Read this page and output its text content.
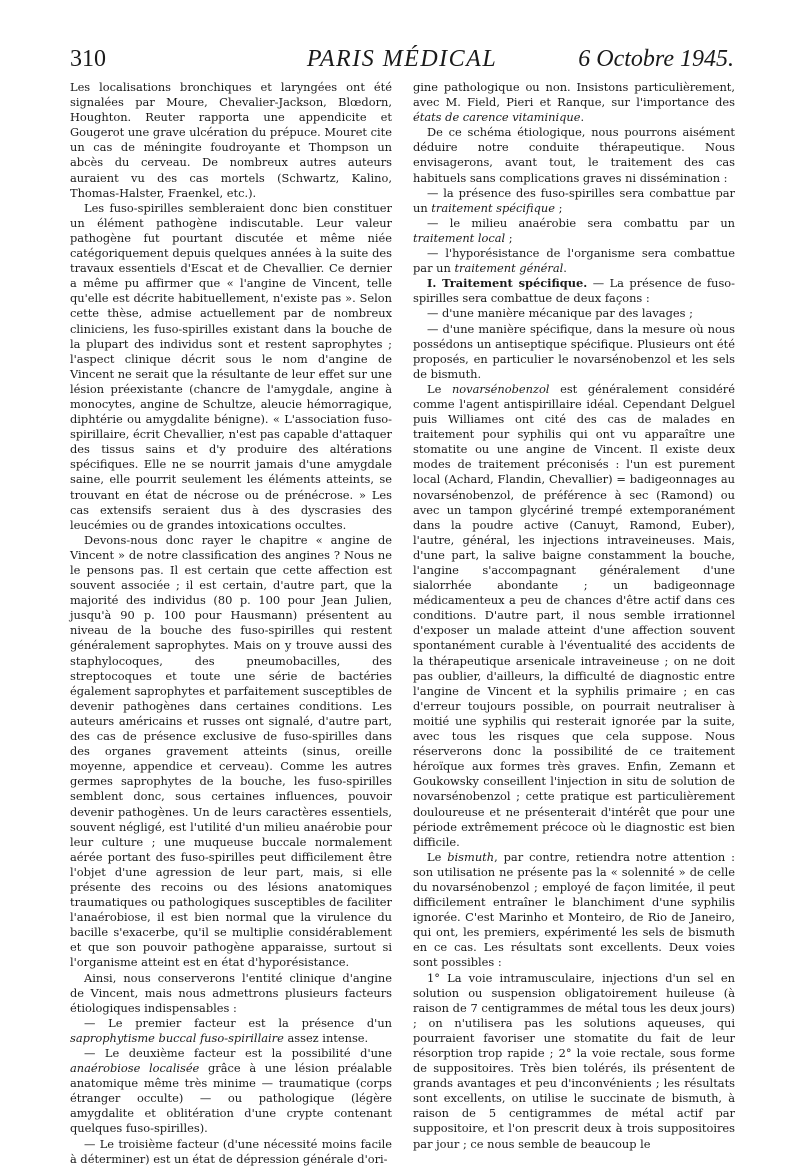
310	PARIS MÉDICAL	6 Octobre 1945.

Les localisations bronchiques et laryngées ont été signalées par Moure, Chevalier-Jackson, Blœdorn, Houghton. Reuter rapporta une appendicite et Gougerot une grave ulcération du prépuce. Mouret cite un cas de méningite foudroyante et Thompson un abcès du cerveau. De nombreux autres auteurs auraient vu des cas mortels (Schwartz, Kalino, Thomas-Halster, Fraenkel, etc.).

Les fuso-spirilles sembleraient donc bien constituer un élément pathogène indiscutable. Leur valeur pathogène fut pourtant discutée et même niée catégoriquement depuis quelques années à la suite des travaux essentiels d'Escat et de Chevallier. Ce dernier a même pu affirmer que « l'angine de Vincent, telle qu'elle est décrite habituellement, n'existe pas ». Selon cette thèse, admise actuellement par de nombreux cliniciens, les fuso-spirilles existant dans la bouche de la plupart des individus sont et restent saprophytes ; l'aspect clinique décrit sous le nom d'angine de Vincent ne serait que la résultante de leur effet sur une lésion préexistante (chancre de l'amygdale, angine à monocytes, angine de Schultze, aleucie hémorragique, diphtérie ou amygdalite bénigne). « L'association fuso-spirillaire, écrit Chevallier, n'est pas capable d'attaquer des tissus sains et d'y produire des altérations spécifiques. Elle ne se nourrit jamais d'une amygdale saine, elle pourrit seulement les éléments atteints, se trouvant en état de nécrose ou de prénécrose. » Les cas extensifs seraient dus à des dyscrasies des leucémies ou de grandes intoxications occultes.

Devons-nous donc rayer le chapitre « angine de Vincent » de notre classification des angines ? Nous ne le pensons pas. Il est certain que cette affection est souvent associée ; il est certain, d'autre part, que la majorité des individus (80 p. 100 pour Jean Julien, jusqu'à 90 p. 100 pour Hausmann) présentent au niveau de la bouche des fuso-spirilles qui restent généralement saprophytes. Mais on y trouve aussi des staphylocoques, des pneumobacilles, des streptocoques et toute une série de bactéries également saprophytes et parfaitement susceptibles de devenir pathogènes dans certaines conditions. Les auteurs américains et russes ont signalé, d'autre part, des cas de présence exclusive de fuso-spirilles dans des organes gravement atteints (sinus, oreille moyenne, appendice et cerveau). Comme les autres germes saprophytes de la bouche, les fuso-spirilles semblent donc, sous certaines influences, pouvoir devenir pathogènes. Un de leurs caractères essentiels, souvent négligé, est l'utilité d'un milieu anaérobie pour leur culture ; une muqueuse buccale normalement aérée portant des fuso-spirilles peut difficilement être l'objet d'une agression de leur part, mais, si elle présente des recoins ou des lésions anatomiques traumatiques ou pathologiques susceptibles de faciliter l'anaérobiose, il est bien normal que la virulence du bacille s'exacerbe, qu'il se multiplie considérablement et que son pouvoir pathogène apparaisse, surtout si l'organisme atteint est en état d'hyporésistance.

Ainsi, nous conserverons l'entité clinique d'angine de Vincent, mais nous admettrons plusieurs facteurs étiologiques indispensables :

— Le premier facteur est la présence d'un saprophytisme buccal fuso-spirillaire assez intense.

— Le deuxième facteur est la possibilité d'une anaérobiose localisée grâce à une lésion préalable anatomique même très minime — traumatique (corps étranger occulte) — ou pathologique (légère amygdalite et oblitération d'une crypte contenant quelques fuso-spirilles).

— Le troisième facteur (d'une nécessité moins facile à déterminer) est un état de dépression générale d'ori-

gine pathologique ou non. Insistons particulièrement, avec M. Field, Pieri et Ranque, sur l'importance des états de carence vitaminique.

De ce schéma étiologique, nous pourrons aisément déduire notre conduite thérapeutique. Nous envisagerons, avant tout, le traitement des cas habituels sans complications graves ni dissémination :

— la présence des fuso-spirilles sera combattue par un traitement spécifique ;

— le milieu anaérobie sera combattu par un traitement local ;

— l'hyporésistance de l'organisme sera combattue par un traitement général.

I. Traitement spécifique. — La présence de fuso-spirilles sera combattue de deux façons :

— d'une manière mécanique par des lavages ;

— d'une manière spécifique, dans la mesure où nous possédons un antiseptique spécifique. Plusieurs ont été proposés, en particulier le novarsénobenzol et les sels de bismuth.

Le novarsénobenzol est généralement considéré comme l'agent antispirillaire idéal. Cependant Delguel puis Williames ont cité des cas de malades en traitement pour syphilis qui ont vu apparaître une stomatite ou une angine de Vincent. Il existe deux modes de traitement préconisés : l'un est purement local (Achard, Flandin, Chevallier) = badigeonnages au novarsénobenzol, de préférence à sec (Ramond) ou avec un tampon glycériné trempé extemporanément dans la poudre active (Canuyt, Ramond, Euber), l'autre, général, les injections intraveineuses. Mais, d'une part, la salive baigne constamment la bouche, l'angine s'accompagnant généralement d'une sialorrhée abondante ; un badigeonnage médicamenteux a peu de chances d'être actif dans ces conditions. D'autre part, il nous semble irrationnel d'exposer un malade atteint d'une affection souvent spontanément curable à l'éventualité des accidents de la thérapeutique arsenicale intraveineuse ; on ne doit pas oublier, d'ailleurs, la difficulté de diagnostic entre l'angine de Vincent et la syphilis primaire ; en cas d'erreur toujours possible, on pourrait neutraliser à moitié une syphilis qui resterait ignorée par la suite, avec tous les risques que cela suppose. Nous réserverons donc la possibilité de ce traitement héroïque aux formes très graves. Enfin, Zemann et Goukowsky conseillent l'injection in situ de solution de novarsénobenzol ; cette pratique est particulièrement douloureuse et ne présenterait d'intérêt que pour une période extrêmement précoce où le diagnostic est bien difficile.

Le bismuth, par contre, retiendra notre attention : son utilisation ne présente pas la « solennité » de celle du novarsénobenzol ; employé de façon limitée, il peut difficilement entraîner le blanchiment d'une syphilis ignorée. C'est Marinho et Monteiro, de Rio de Janeiro, qui ont, les premiers, expérimenté les sels de bismuth en ce cas. Les résultats sont excellents. Deux voies sont possibles :

1° La voie intramusculaire, injections d'un sel en solution ou suspension obligatoirement huileuse (à raison de 7 centigrammes de métal tous les deux jours) ; on n'utilisera pas les solutions aqueuses, qui pourraient favoriser une stomatite du fait de leur résorption trop rapide ; 2° la voie rectale, sous forme de suppositoires. Très bien tolérés, ils présentent de grands avantages et peu d'inconvénients ; les résultats sont excellents, on utilise le succinate de bismuth, à raison de 5 centigrammes de métal actif par suppositoire, et l'on prescrit deux à trois suppositoires par jour ; ce nous semble de beaucoup le
